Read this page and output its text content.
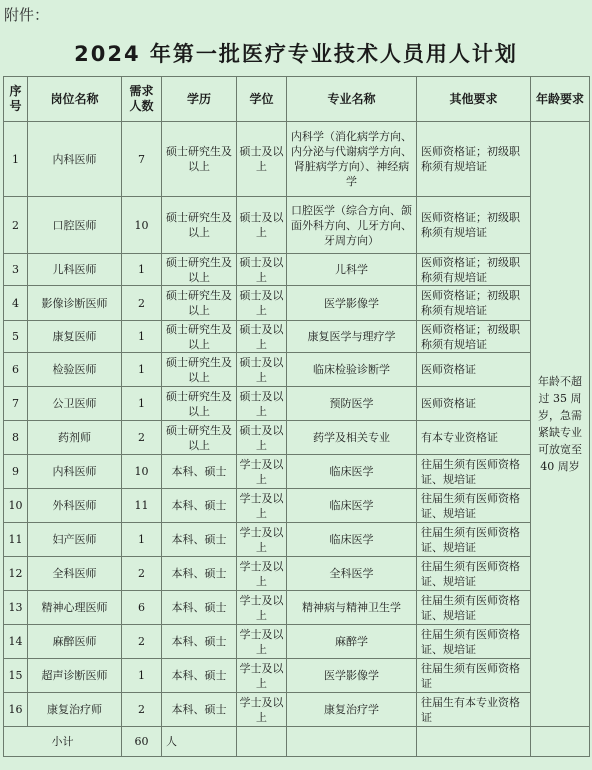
附件：
2024 年第一批医疗专业技术人员用人计划
序号	岗位名称	需求人数	学历	学位	专业名称	其他要求	年龄要求
1	内科医师	7	硕士研究生及以上	硕士及以上	内科学（消化病学方向、内分泌与代谢病学方向、肾脏病学方向）、神经病学	医师资格证；初级职称须有规培证	年龄不超过 35 周岁，急需紧缺专业可放宽至 40 周岁
2	口腔医师	10	硕士研究生及以上	硕士及以上	口腔医学（综合方向、颌面外科方向、儿牙方向、牙周方向）	医师资格证；初级职称须有规培证	
3	儿科医师	1	硕士研究生及以上	硕士及以上	儿科学	医师资格证；初级职称须有规培证	
4	影像诊断医师	2	硕士研究生及以上	硕士及以上	医学影像学	医师资格证；初级职称须有规培证	
5	康复医师	1	硕士研究生及以上	硕士及以上	康复医学与理疗学	医师资格证；初级职称须有规培证	
6	检验医师	1	硕士研究生及以上	硕士及以上	临床检验诊断学	医师资格证	
7	公卫医师	1	硕士研究生及以上	硕士及以上	预防医学	医师资格证	
8	药剂师	2	硕士研究生及以上	硕士及以上	药学及相关专业	有本专业资格证	
9	内科医师	10	本科、硕士	学士及以上	临床医学	往届生须有医师资格证、规培证	
10	外科医师	11	本科、硕士	学士及以上	临床医学	往届生须有医师资格证、规培证	
11	妇产医师	1	本科、硕士	学士及以上	临床医学	往届生须有医师资格证、规培证	
12	全科医师	2	本科、硕士	学士及以上	全科医学	往届生须有医师资格证、规培证	
13	精神心理医师	6	本科、硕士	学士及以上	精神病与精神卫生学	往届生须有医师资格证、规培证	
14	麻醉医师	2	本科、硕士	学士及以上	麻醉学	往届生须有医师资格证、规培证	
15	超声诊断医师	1	本科、硕士	学士及以上	医学影像学	往届生须有医师资格证	
16	康复治疗师	2	本科、硕士	学士及以上	康复治疗学	往届生有本专业资格证	
小计		60	人				
